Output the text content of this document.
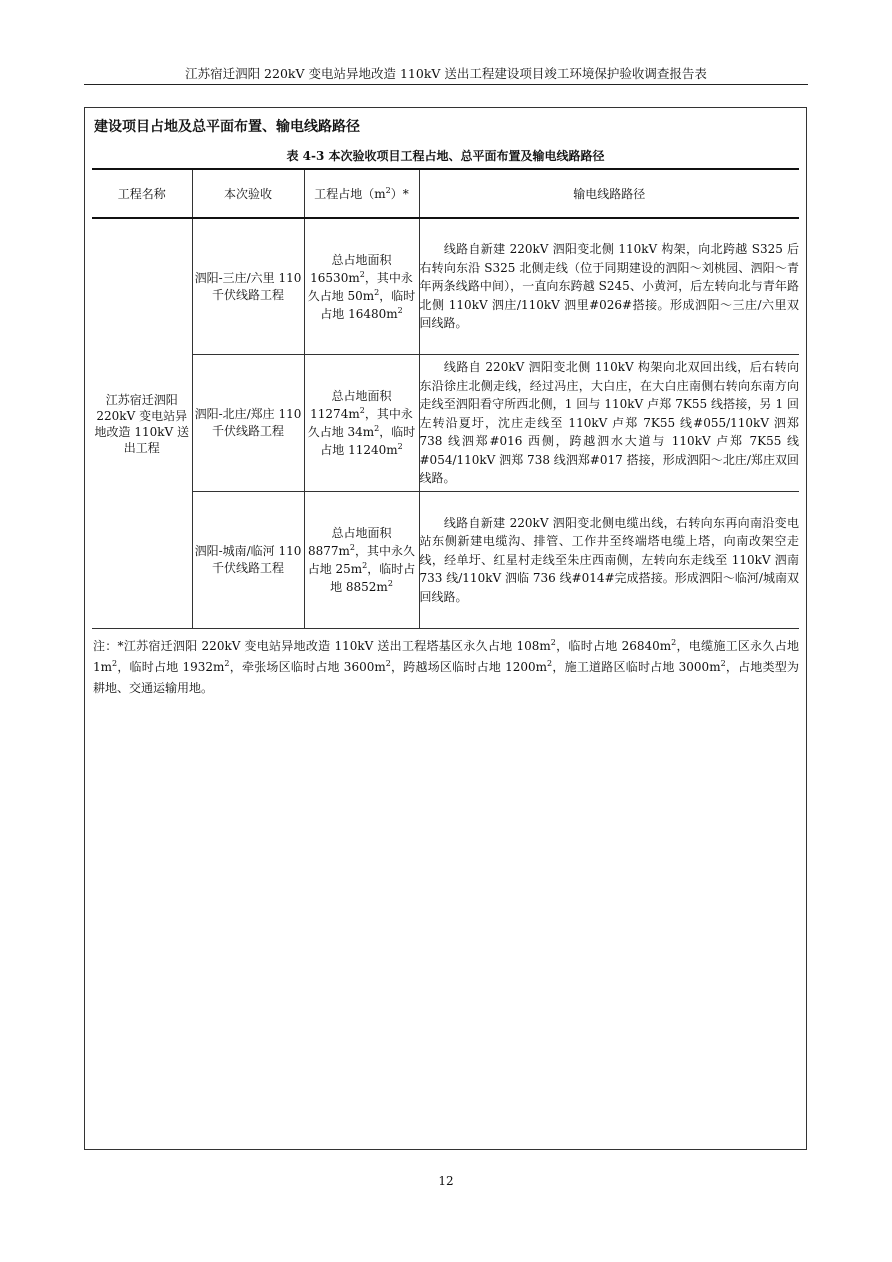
江苏宿迁泗阳 220kV 变电站异地改造 110kV 送出工程建设项目竣工环境保护验收调查报告表
建设项目占地及总平面布置、输电线路路径
表 4-3 本次验收项目工程占地、总平面布置及输电线路路径
工程名称	本次验收	工程占地$(m^2)*$	输电线路路径
江苏宿迁泗阳 220kV 变电站异地改造 110kV 送出工程	泗阳-三庄/六里 110 千伏线路工程	总占地面积 $16530m^2$，其中永久占地 $50m^2$，临时占地 $16480m^2$	线路自新建 220kV 泗阳变北侧 110kV 构架，向北跨越 S325 后右转向东沿 S325 北侧走线（位于同期建设的泗阳～刘桃园、泗阳～青年两条线路中间），一直向东跨越 S245、小黄河，后左转向北与青年路北侧 110kV 泗庄/110kV 泗里#026#搭接。形成泗阳～三庄/六里双回线路。
	泗阳-北庄/郑庄 110 千伏线路工程	总占地面积 $11274m^2$，其中永久占地 $34m^2$，临时占地 $11240m^2$	线路自 220kV 泗阳变北侧 110kV 构架向北双回出线，后右转向东沿徐庄北侧走线，经过冯庄，大白庄，在大白庄南侧右转向东南方向走线至泗阳看守所西北侧，1 回与 110kV 卢郑 7K55 线搭接，另 1 回左转沿夏圩，沈庄走线至 110kV 卢郑 7K55 线#055/110kV 泗郑 738 线泗郑#016 西侧，跨越泗水大道与 110kV 卢郑 7K55 线#054/110kV 泗郑 738 线泗郑#017 搭接，形成泗阳～北庄/郑庄双回线路。
	泗阳-城南/临河 110 千伏线路工程	总占地面积 $8877m^2$，其中永久占地 $25m^2$，临时占地 $8852m^2$	线路自新建 220kV 泗阳变北侧电缆出线，右转向东再向南沿变电站东侧新建电缆沟、排管、工作井至终端塔电缆上塔，向南改架空走线，经单圩、红星村走线至朱庄西南侧，左转向东走线至 110kV 泗南 733 线/110kV 泗临 736 线#014#完成搭接。形成泗阳～临河/城南双回线路。
注：*江苏宿迁泗阳 220kV 变电站异地改造 110kV 送出工程塔基区永久占地 $108m^2$，临时占地 $26840m^2$，电缆施工区永久占地 $1m^2$，临时占地 $1932m^2$，牵张场区临时占地 $3600m^2$，跨越场区临时占地 $1200m^2$，施工道路区临时占地 $3000m^2$，占地类型为耕地、交通运输用地。
12
